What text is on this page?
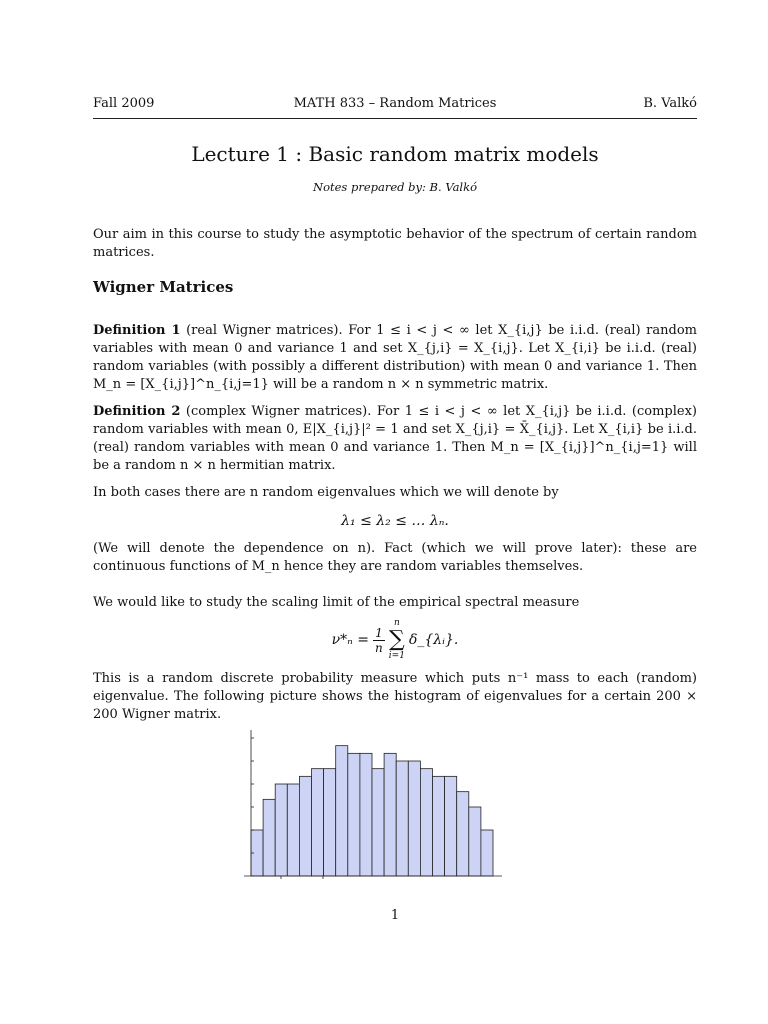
Fall 2009	MATH 833 – Random Matrices	B. Valkó
Lecture 1 : Basic random matrix models
Notes prepared by: B. Valkó

Our aim in this course to study the asymptotic behavior of the spectrum of certain random matrices.

Wigner Matrices

Definition 1 (real Wigner matrices). For 1 ≤ i < j < ∞ let X_{i,j} be i.i.d. (real) random variables with mean 0 and variance 1 and set X_{j,i} = X_{i,j}. Let X_{i,i} be i.i.d. (real) random variables (with possibly a different distribution) with mean 0 and variance 1. Then M_n = [X_{i,j}]^n_{i,j=1} will be a random n × n symmetric matrix.

Definition 2 (complex Wigner matrices). For 1 ≤ i < j < ∞ let X_{i,j} be i.i.d. (complex) random variables with mean 0, E|X_{i,j}|² = 1 and set X_{j,i} = X̄_{i,j}. Let X_{i,i} be i.i.d. (real) random variables with mean 0 and variance 1. Then M_n = [X_{i,j}]^n_{i,j=1} will be a random n × n hermitian matrix.

In both cases there are n random eigenvalues which we will denote by

λ₁ ≤ λ₂ ≤ … λₙ.

(We will denote the dependence on n). Fact (which we will prove later): these are continuous functions of M_n hence they are random variables themselves.

We would like to study the scaling limit of the empirical spectral measure

$\nu*_n = \frac{1}{n}$
n
∑
i=1
δ_{λᵢ}.

This is a random discrete probability measure which puts n⁻¹ mass to each (random) eigenvalue. The following picture shows the histogram of eigenvalues for a certain 200 × 200 Wigner matrix.

1
